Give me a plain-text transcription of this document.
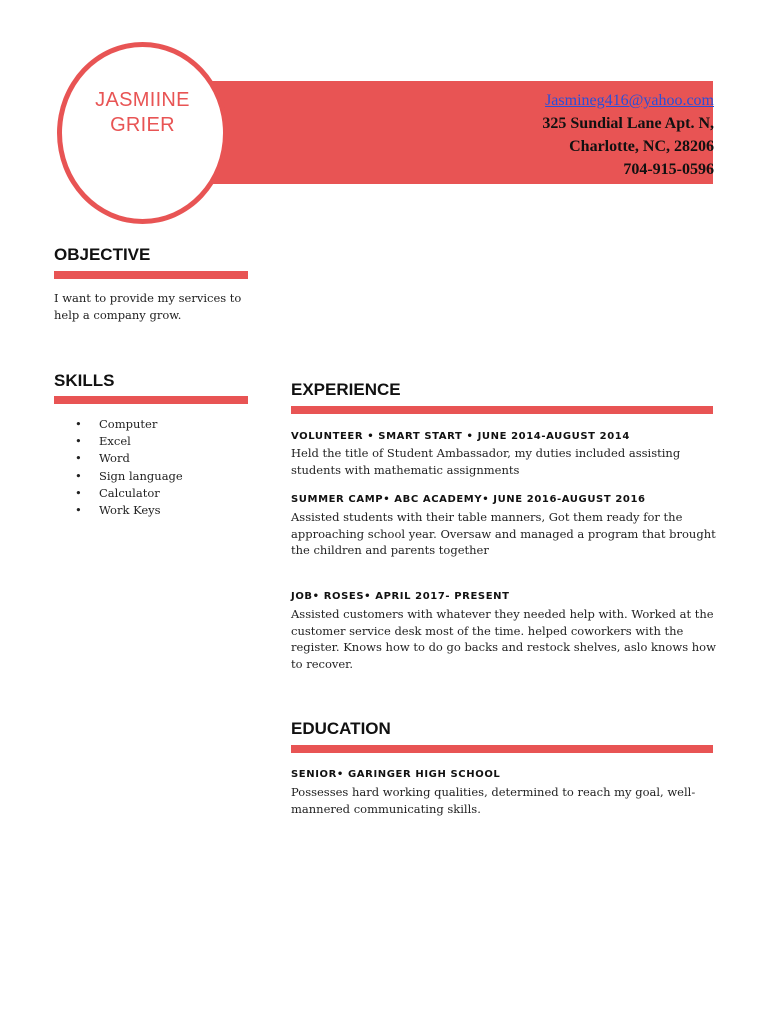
JASMIINE
GRIER
Jasmineg416@yahoo.com
325 Sundial Lane Apt. N,
Charlotte, NC, 28206
704-915-0596
OBJECTIVE
I want to provide my services to
help a company grow.
SKILLS
• Computer
• Excel
• Word
• Sign language
• Calculator
• Work Keys
EXPERIENCE
VOLUNTEER • SMART START • JUNE 2014-AUGUST 2014
Held the title of Student Ambassador, my duties included assisting
students with mathematic assignments
SUMMER CAMP• ABC ACADEMY• JUNE 2016-AUGUST 2016
Assisted students with their table manners, Got them ready for the
approaching school year. Oversaw and managed a program that brought
the children and parents together
JOB• ROSES• APRIL 2017- PRESENT
Assisted customers with whatever they needed help with. Worked at the
customer service desk most of the time. helped coworkers with the
register. Knows how to do go backs and restock shelves, aslo knows how
to recover.
EDUCATION
SENIOR• GARINGER HIGH SCHOOL
Possesses hard working qualities, determined to reach my goal, well-
mannered communicating skills.
